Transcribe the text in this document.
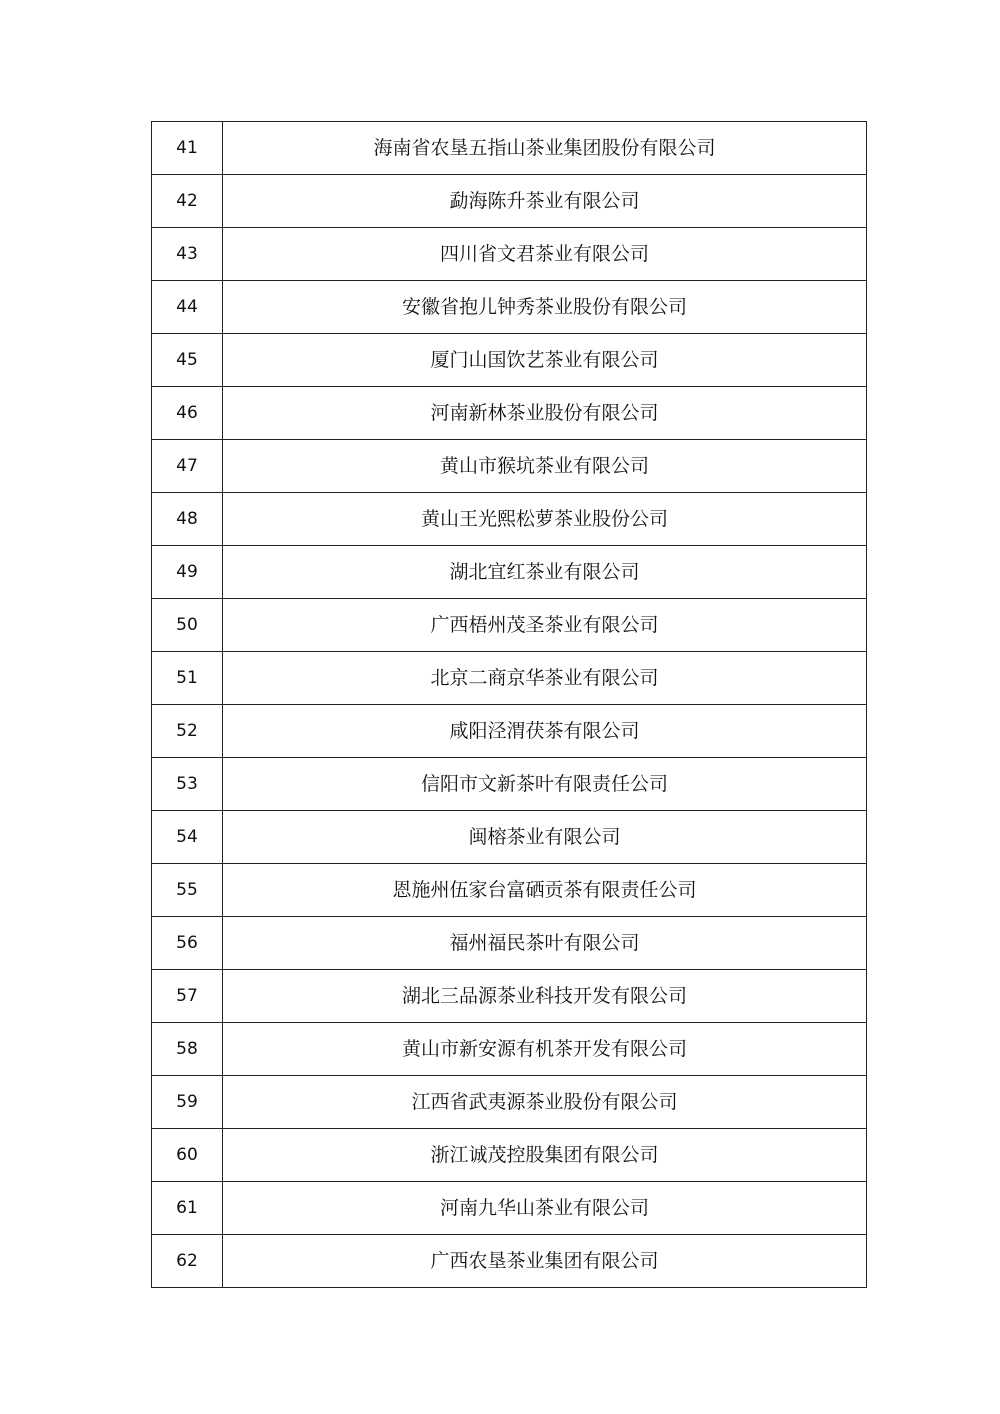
41	海南省农垦五指山茶业集团股份有限公司
42	勐海陈升茶业有限公司
43	四川省文君茶业有限公司
44	安徽省抱儿钟秀茶业股份有限公司
45	厦门山国饮艺茶业有限公司
46	河南新林茶业股份有限公司
47	黄山市猴坑茶业有限公司
48	黄山王光熙松萝茶业股份公司
49	湖北宜红茶业有限公司
50	广西梧州茂圣茶业有限公司
51	北京二商京华茶业有限公司
52	咸阳泾渭茯茶有限公司
53	信阳市文新茶叶有限责任公司
54	闽榕茶业有限公司
55	恩施州伍家台富硒贡茶有限责任公司
56	福州福民茶叶有限公司
57	湖北三品源茶业科技开发有限公司
58	黄山市新安源有机茶开发有限公司
59	江西省武夷源茶业股份有限公司
60	浙江诚茂控股集团有限公司
61	河南九华山茶业有限公司
62	广西农垦茶业集团有限公司
